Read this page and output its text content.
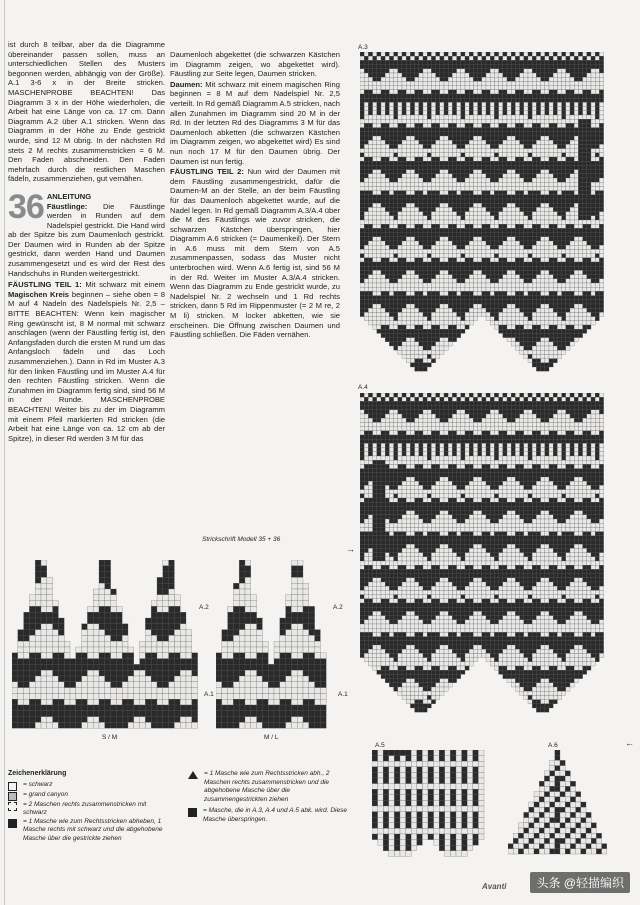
ist durch 8 teilbar, aber da die Diagramme übereinander passen sollen, muss an unterschiedlichen Stellen des Musters begonnen werden, abhängig von der Größe). A.1 3-6 x in der Breite stricken. MASCHENPROBE BEACHTEN! Das Diagramm 3 x in der Höhe wiederholen, die Arbeit hat eine Länge von ca. 17 cm. Dann Diagramm A.2 über A.1 stricken. Wenn das Diagramm in der Höhe zu Ende gestrickt wurde, sind 12 M übrig. In der nächsten Rd stets 2 M rechts zusammenstricken = 6 M. Den Faden abschneiden. Den Faden mehrfach durch die restlichen Maschen fädeln, zusammenziehen, gut vernähen.

36 ANLEITUNG
Fäustlinge: Die Fäustlinge werden in Runden auf dem Nadelspiel gestrickt. Die Hand wird ab der Spitze bis zum Daumenloch gestrickt. Der Daumen wird in Runden ab der Spitze gestrickt, dann werden Hand und Daumen zusammengesetzt und es wird der Rest des Handschuhs in Runden weitergestrickt.

FÄUSTLING TEIL 1: Mit schwarz mit einem Magischen Kreis beginnen – siehe oben = 8 M auf 4 Nadeln des Nadelspiels Nr. 2,5 – BITTE BEACHTEN: Wenn kein magischer Ring gewünscht ist, 8 M normal mit schwarz anschlagen (wenn der Fäustling fertig ist, den Anfangsfaden durch die ersten M rund um das Anfangsloch fädeln und das Loch zusammenziehen.). Dann in Rd im Muster A.3 für den linken Fäustling und im Muster A.4 für den rechten Fäustling stricken. Wenn die Zunahmen im Diagramm fertig sind, sind 56 M in der Runde. MASCHENPROBE BEACHTEN! Weiter bis zu der im Diagramm mit einem Pfeil markierten Rd stricken (die Arbeit hat eine Länge von ca. 12 cm ab der Spitze), in dieser Rd werden 3 M für das

Daumenloch abgekettet (die schwarzen Kästchen im Diagramm zeigen, wo abgekettet wird). Fäustling zur Seite legen, Daumen stricken.

Daumen: Mit schwarz mit einem magischen Ring beginnen = 8 M auf dem Nadelspiel Nr. 2,5 verteilt. In Rd gemäß Diagramm A.5 stricken, nach allen Zunahmen im Diagramm sind 20 M in der Rd. In der letzten Rd des Diagramms 3 M für das Daumenloch abketten (die schwarzen Kästchen im Diagramm zeigen, wo abgekettet wird) Es sind nun noch 17 M für den Daumen übrig. Der Daumen ist nun fertig.

FÄUSTLING TEIL 2: Nun wird der Daumen mit dem Fäustling zusammengestrickt, dafür die Daumen-M an der Stelle, an der beim Fäustling für das Daumenloch abgekettet wurde, auf die Nadel legen. In Rd gemäß Diagramm A.3/A.4 über die M des Fäustlings wie zuvor stricken, die schwarzen Kästchen überspringen, hier Diagramm A.6 stricken (= Daumenkeil). Der Stern in A.6 muss mit dem Stern von A.5 zusammenpassen, sodass das Muster nicht unterbrochen wird. Wenn A.6 fertig ist, sind 56 M in der Rd. Weiter im Muster A.3/A.4 stricken. Wenn das Diagramm zu Ende gestrickt wurde, zu Nadelspiel Nr. 2 wechseln und 1 Rd rechts stricken, dann 5 Rd im Rippenmuster (= 2 M re, 2 M li) stricken. M locker abketten, wie sie erscheinen. Die Öffnung zwischen Daumen und Fäustling schließen. Die Fäden vernähen.

A.3
A.4
A.5	A.6
A.2	A.2
A.1	A.1
S / M	M / L
Strickschrift Modell 35 + 36
→
←
Zeichenerklärung
= schwarz
= grand canyon
= 2 Maschen rechts zusammenstricken mit schwarz
= 1 Masche wie zum Rechtsstricken abheben, 1 Masche rechts mit schwarz und die abgehobene Masche über die gestrickte ziehen
= 1 Masche wie zum Rechtsstricken abh., 2 Maschen rechts zusammenstricken und die abgehobene Masche über die zusammengestrickten ziehen
= Masche, die in A.3, A.4 und A.5 abk. wird. Diese Masche überspringen.
Avanti	头条 @轻描编织
